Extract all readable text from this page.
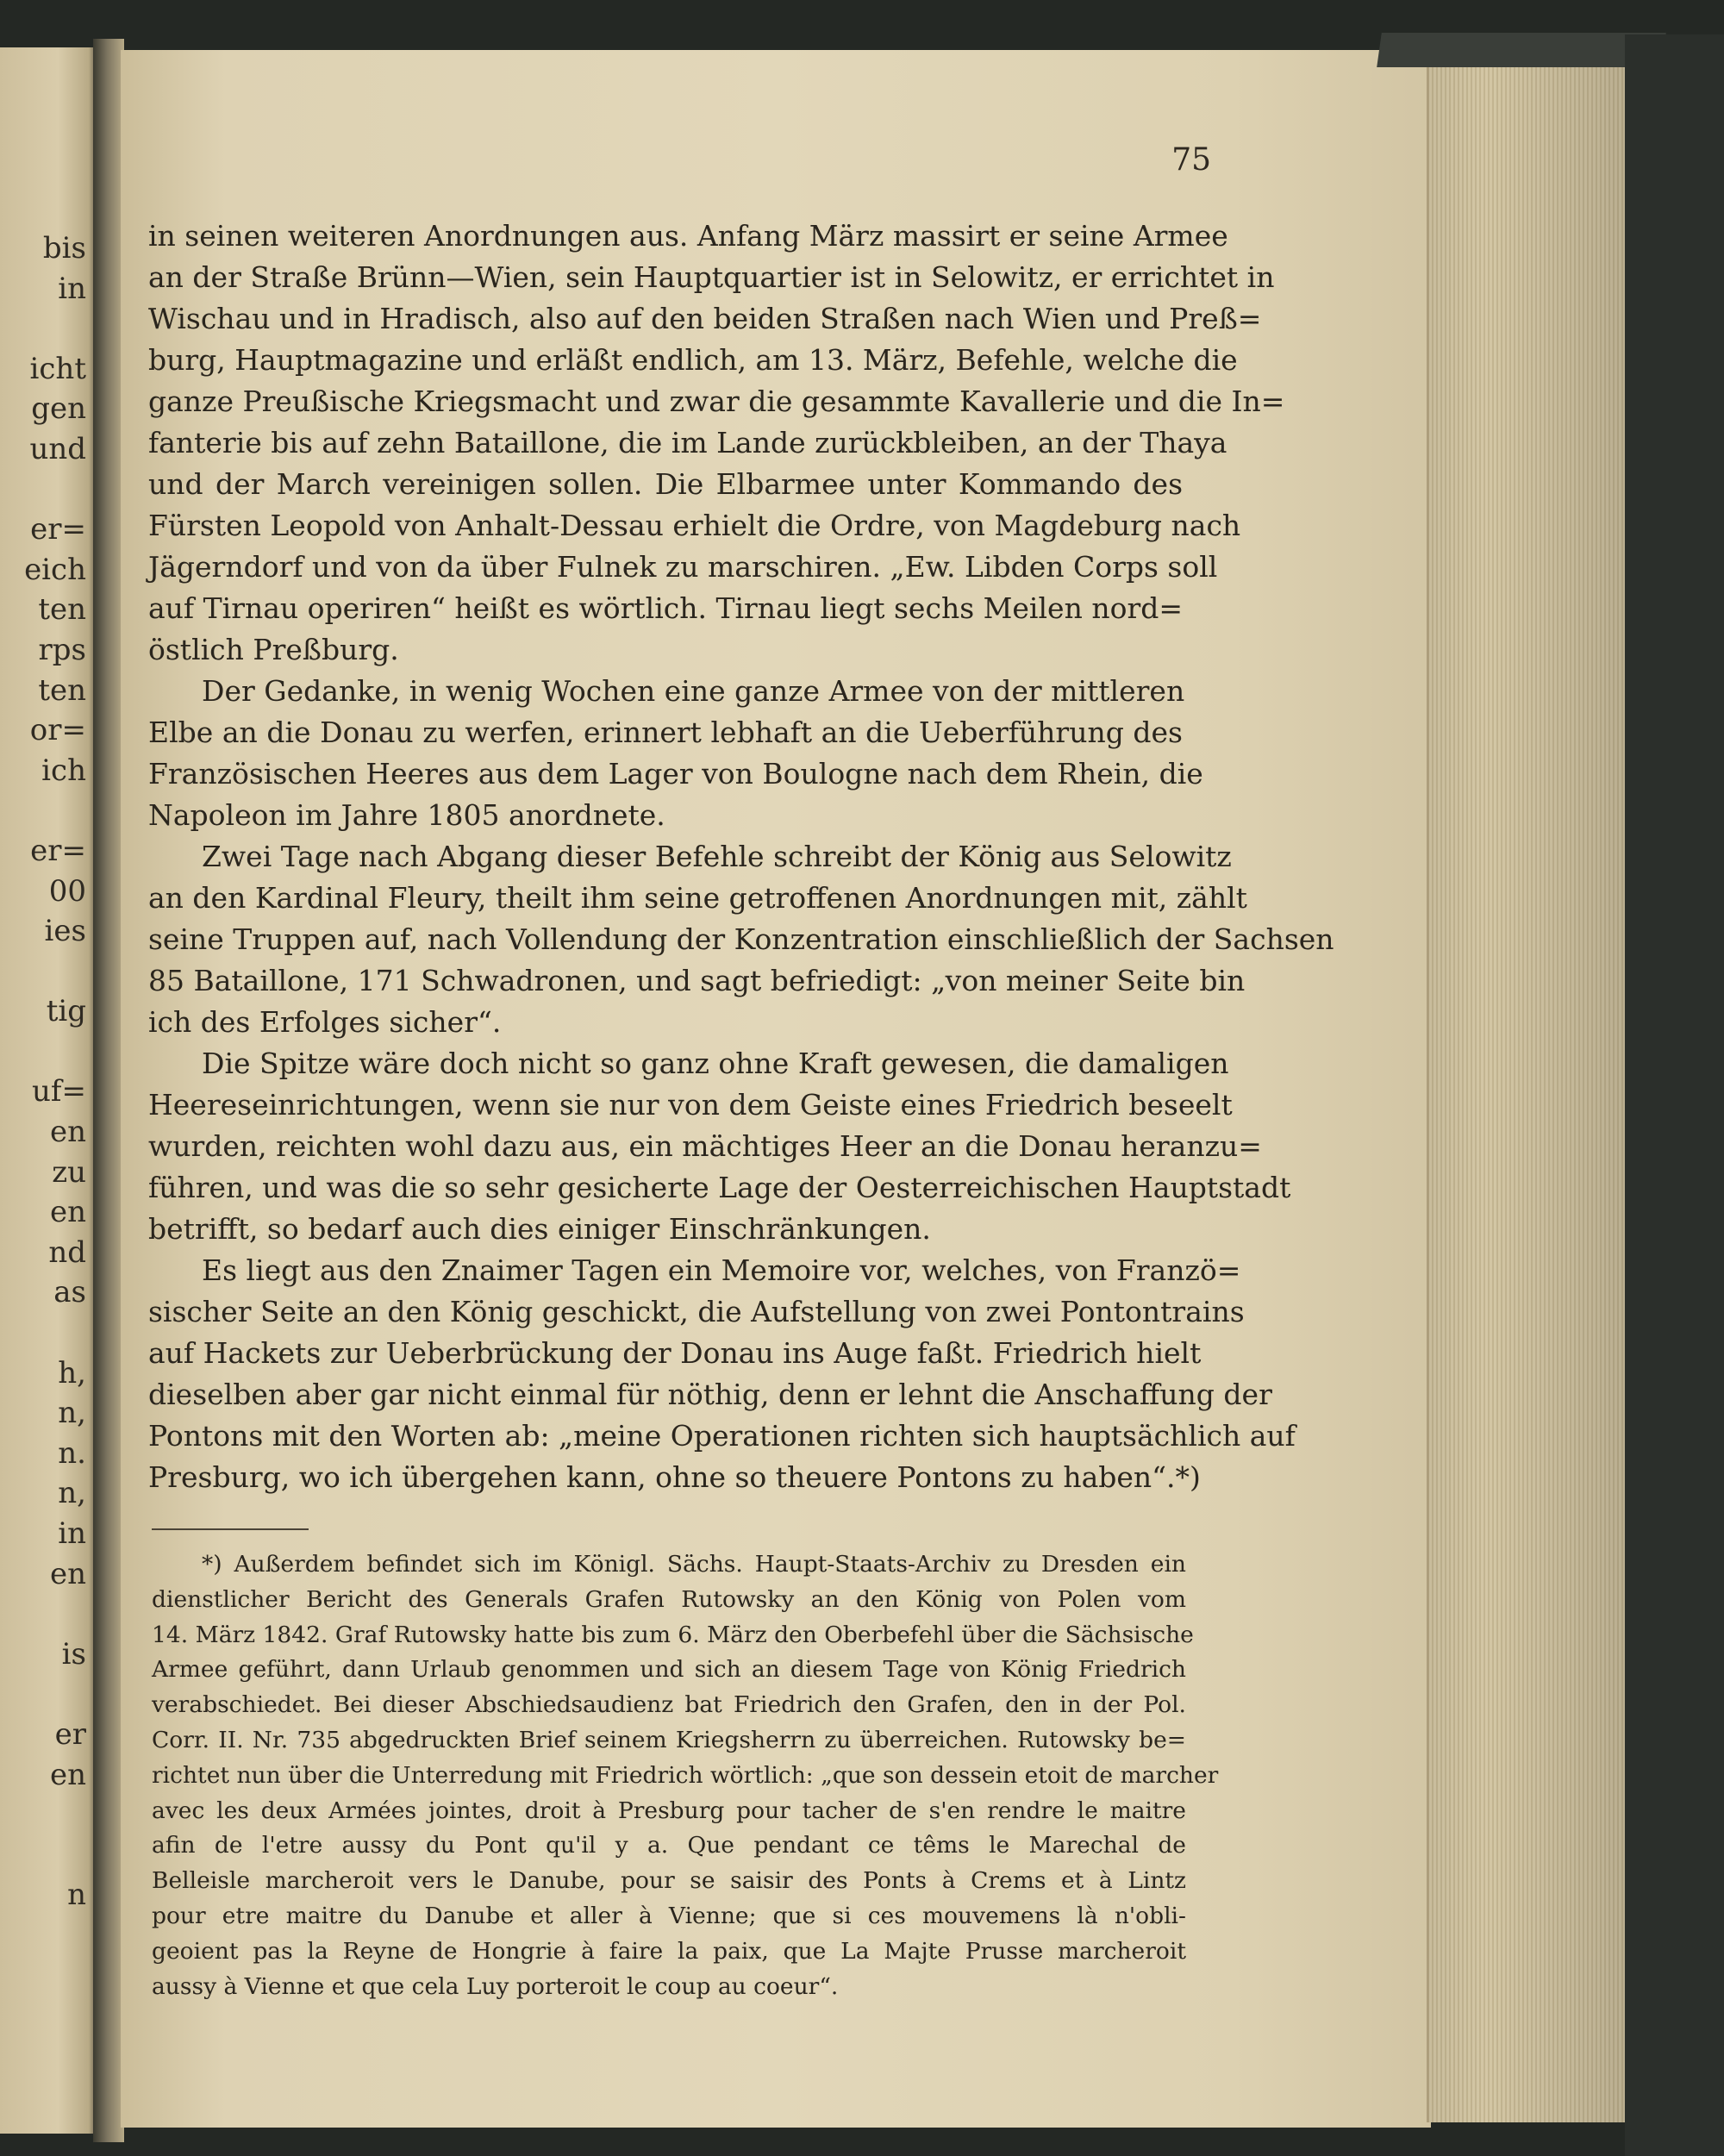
bis
in
icht
gen
und
er=
eich
ten
rps
ten
or=
ich
er=
00
ies
tig
uf=
en
zu
en
nd
as
h,
n,
n.
n,
in
en
is
er
en
n
75
in seinen weiteren Anordnungen aus. Anfang März massirt er seine Armee
an der Straße Brünn—Wien, sein Hauptquartier ist in Selowitz, er errichtet in
Wischau und in Hradisch, also auf den beiden Straßen nach Wien und Preß=
burg, Hauptmagazine und erläßt endlich, am 13. März, Befehle, welche die
ganze Preußische Kriegsmacht und zwar die gesammte Kavallerie und die In=
fanterie bis auf zehn Bataillone, die im Lande zurückbleiben, an der Thaya
und der March vereinigen sollen. Die Elbarmee unter Kommando des
Fürsten Leopold von Anhalt-Dessau erhielt die Ordre, von Magdeburg nach
Jägerndorf und von da über Fulnek zu marschiren. „Ew. Libden Corps soll
auf Tirnau operiren“ heißt es wörtlich. Tirnau liegt sechs Meilen nord=
östlich Preßburg.
Der Gedanke, in wenig Wochen eine ganze Armee von der mittleren
Elbe an die Donau zu werfen, erinnert lebhaft an die Ueberführung des
Französischen Heeres aus dem Lager von Boulogne nach dem Rhein, die
Napoleon im Jahre 1805 anordnete.
Zwei Tage nach Abgang dieser Befehle schreibt der König aus Selowitz
an den Kardinal Fleury, theilt ihm seine getroffenen Anordnungen mit, zählt
seine Truppen auf, nach Vollendung der Konzentration einschließlich der Sachsen
85 Bataillone, 171 Schwadronen, und sagt befriedigt: „von meiner Seite bin
ich des Erfolges sicher“.
Die Spitze wäre doch nicht so ganz ohne Kraft gewesen, die damaligen
Heereseinrichtungen, wenn sie nur von dem Geiste eines Friedrich beseelt
wurden, reichten wohl dazu aus, ein mächtiges Heer an die Donau heranzu=
führen, und was die so sehr gesicherte Lage der Oesterreichischen Hauptstadt
betrifft, so bedarf auch dies einiger Einschränkungen.
Es liegt aus den Znaimer Tagen ein Memoire vor, welches, von Franzö=
sischer Seite an den König geschickt, die Aufstellung von zwei Pontontrains
auf Hackets zur Ueberbrückung der Donau ins Auge faßt. Friedrich hielt
dieselben aber gar nicht einmal für nöthig, denn er lehnt die Anschaffung der
Pontons mit den Worten ab: „meine Operationen richten sich hauptsächlich auf
Presburg, wo ich übergehen kann, ohne so theuere Pontons zu haben“.*)
*) Außerdem befindet sich im Königl. Sächs. Haupt-Staats-Archiv zu Dresden ein
dienstlicher Bericht des Generals Grafen Rutowsky an den König von Polen vom
14. März 1842. Graf Rutowsky hatte bis zum 6. März den Oberbefehl über die Sächsische
Armee geführt, dann Urlaub genommen und sich an diesem Tage von König Friedrich
verabschiedet. Bei dieser Abschiedsaudienz bat Friedrich den Grafen, den in der Pol.
Corr. II. Nr. 735 abgedruckten Brief seinem Kriegsherrn zu überreichen. Rutowsky be=
richtet nun über die Unterredung mit Friedrich wörtlich: „que son dessein etoit de marcher
avec les deux Armées jointes, droit à Presburg pour tacher de s'en rendre le maitre
afin de l'etre aussy du Pont qu'il y a. Que pendant ce têms le Marechal de
Belleisle marcheroit vers le Danube, pour se saisir des Ponts à Crems et à Lintz
pour etre maitre du Danube et aller à Vienne; que si ces mouvemens là n'obli-
geoient pas la Reyne de Hongrie à faire la paix, que La Majte Prusse marcheroit
aussy à Vienne et que cela Luy porteroit le coup au coeur“.
